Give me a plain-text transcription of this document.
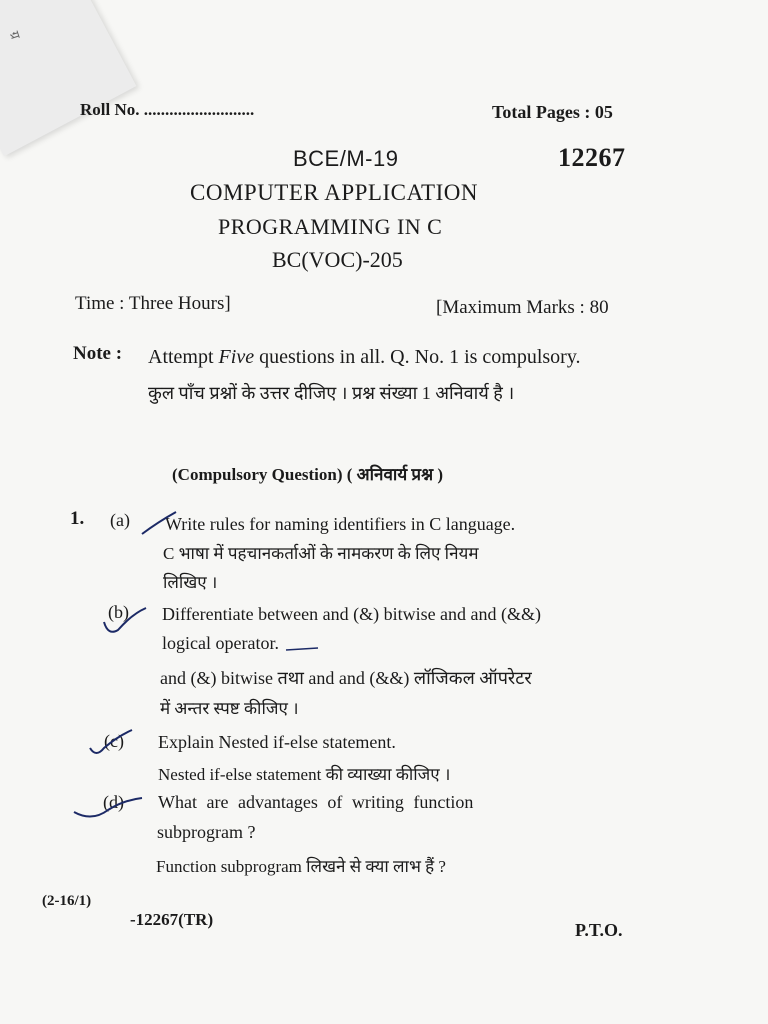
ग्र
Roll No. ..........................	Total Pages : 05
BCE/M-19	12267
COMPUTER APPLICATION
PROGRAMMING IN C
BC(VOC)-205
Time : Three Hours]	[Maximum Marks : 80
Note : Attempt Five questions in all. Q. No. 1 is compulsory.
कुल पाँच प्रश्नों के उत्तर दीजिए । प्रश्न संख्या 1 अनिवार्य है ।
(Compulsory Question) ( अनिवार्य प्रश्न )
1. (a) Write rules for naming identifiers in C language.
C भाषा में पहचानकर्ताओं के नामकरण के लिए नियम
लिखिए ।
(b) Differentiate between and (&) bitwise and and (&&)
logical operator.
and (&) bitwise तथा and and (&&) लॉजिकल ऑपरेटर
में अन्तर स्पष्ट कीजिए ।
(c) Explain Nested if-else statement.
Nested if-else statement की व्याख्या कीजिए ।
(d) What are advantages of writing function
subprogram ?
Function subprogram लिखने से क्या लाभ हैं ?
(2-16/1)
-12267(TR)
P.T.O.
